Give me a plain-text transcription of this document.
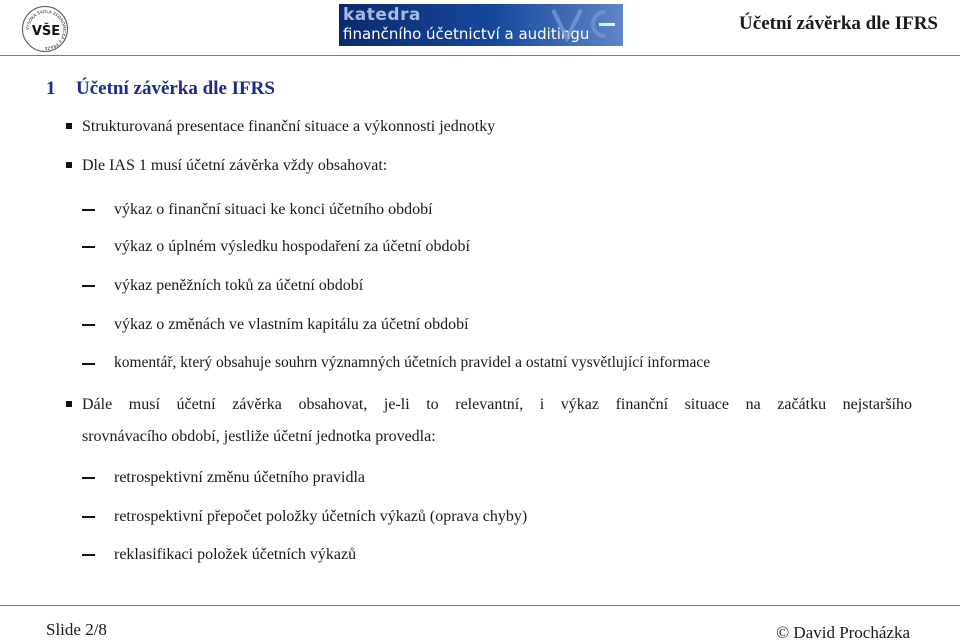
VYSOKÁ ŠKOLA EKONOMICKÁ V PRAZE
VŠE
katedra
finančního účetnictví a auditingu	Účetní závěrka dle IFRS
1 Účetní závěrka dle IFRS
Strukturovaná presentace finanční situace a výkonnosti jednotky
Dle IAS 1 musí účetní závěrka vždy obsahovat:
výkaz o finanční situaci ke konci účetního období
výkaz o úplném výsledku hospodaření za účetní období
výkaz peněžních toků za účetní období
výkaz o změnách ve vlastním kapitálu za účetní období
komentář, který obsahuje souhrn významných účetních pravidel a ostatní vysvětlující informace
Dále musí účetní závěrka obsahovat, je-li to relevantní, i výkaz finanční situace na začátku nejstaršího
srovnávacího období, jestliže účetní jednotka provedla:
retrospektivní změnu účetního pravidla
retrospektivní přepočet položky účetních výkazů (oprava chyby)
reklasifikaci položek účetních výkazů
Slide 2/8	© David Procházka
